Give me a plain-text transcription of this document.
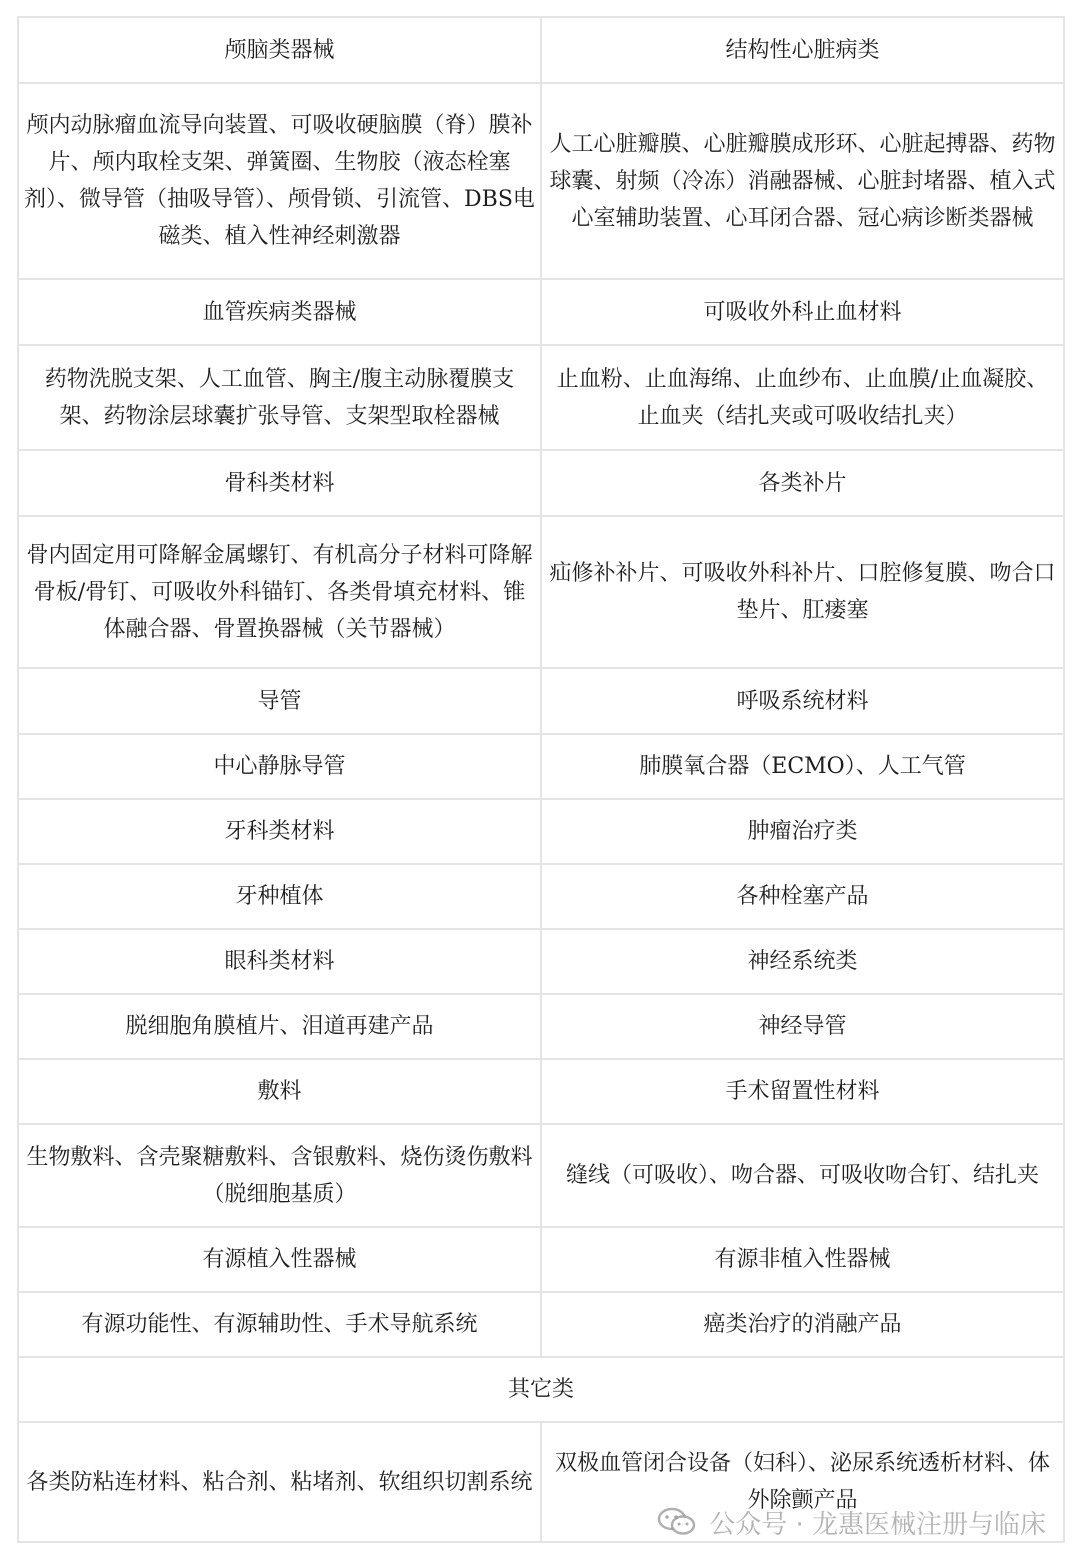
颅脑类器械	结构性心脏病类
颅内动脉瘤血流导向装置、可吸收硬脑膜（脊）膜补片、颅内取栓支架、弹簧圈、生物胶（液态栓塞剂）、微导管（抽吸导管）、颅骨锁、引流管、DBS电磁类、植入性神经刺激器	人工心脏瓣膜、心脏瓣膜成形环、心脏起搏器、药物球囊、射频（冷冻）消融器械、心脏封堵器、植入式心室辅助装置、心耳闭合器、冠心病诊断类器械
血管疾病类器械	可吸收外科止血材料
药物洗脱支架、人工血管、胸主/腹主动脉覆膜支架、药物涂层球囊扩张导管、支架型取栓器械	止血粉、止血海绵、止血纱布、止血膜/止血凝胶、止血夹（结扎夹或可吸收结扎夹）
骨科类材料	各类补片
骨内固定用可降解金属螺钉、有机高分子材料可降解骨板/骨钉、可吸收外科锚钉、各类骨填充材料、锥体融合器、骨置换器械（关节器械）	疝修补补片、可吸收外科补片、口腔修复膜、吻合口垫片、肛瘘塞
导管	呼吸系统材料
中心静脉导管	肺膜氧合器（ECMO）、人工气管
牙科类材料	肿瘤治疗类
牙种植体	各种栓塞产品
眼科类材料	神经系统类
脱细胞角膜植片、泪道再建产品	神经导管
敷料	手术留置性材料
生物敷料、含壳聚糖敷料、含银敷料、烧伤烫伤敷料（脱细胞基质）	缝线（可吸收）、吻合器、可吸收吻合钉、结扎夹
有源植入性器械	有源非植入性器械
有源功能性、有源辅助性、手术导航系统	癌类治疗的消融产品
其它类	
各类防粘连材料、粘合剂、粘堵剂、软组织切割系统	双极血管闭合设备（妇科）、泌尿系统透析材料、体外除颤产品
公众号 · 龙惠医械注册与临床
